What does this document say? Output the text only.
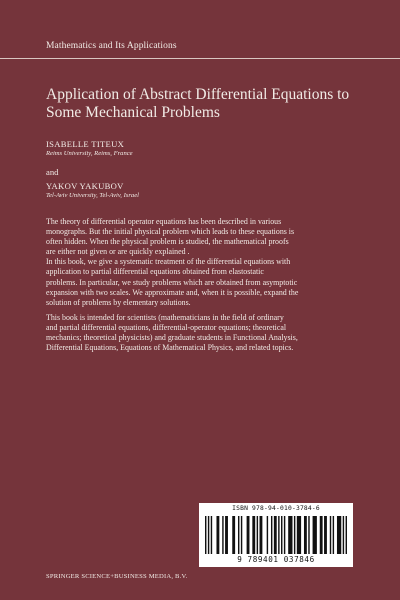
Mathematics and Its Applications
Application of Abstract Differential Equations to
Some Mechanical Problems
ISABELLE TITEUX
Reims University, Reims, France
and
YAKOV YAKUBOV
Tel-Aviv University, Tel-Aviv, Israel

The theory of differential operator equations has been described in various

monographs. But the initial physical problem which leads to these equations is

often hidden. When the physical problem is studied, the mathematical proofs

are either not given or are quickly explained .

In this book, we give a systematic treatment of the differential equations with

application to partial differential equations obtained from elastostatic

problems. In particular, we study problems which are obtained from asymptotic

expansion with two scales. We approximate and, when it is possible, expand the

solution of problems by elementary solutions.

This book is intended for scientists (mathematicians in the field of ordinary

and partial differential equations, differential-operator equations; theoretical

mechanics; theoretical physicists) and graduate students in Functional Analysis,

Differential Equations, Equations of Mathematical Physics, and related topics.

ISBN 978-94-010-3784-6
9 789401 037846
SPRINGER SCIENCE+BUSINESS MEDIA, B.V.
